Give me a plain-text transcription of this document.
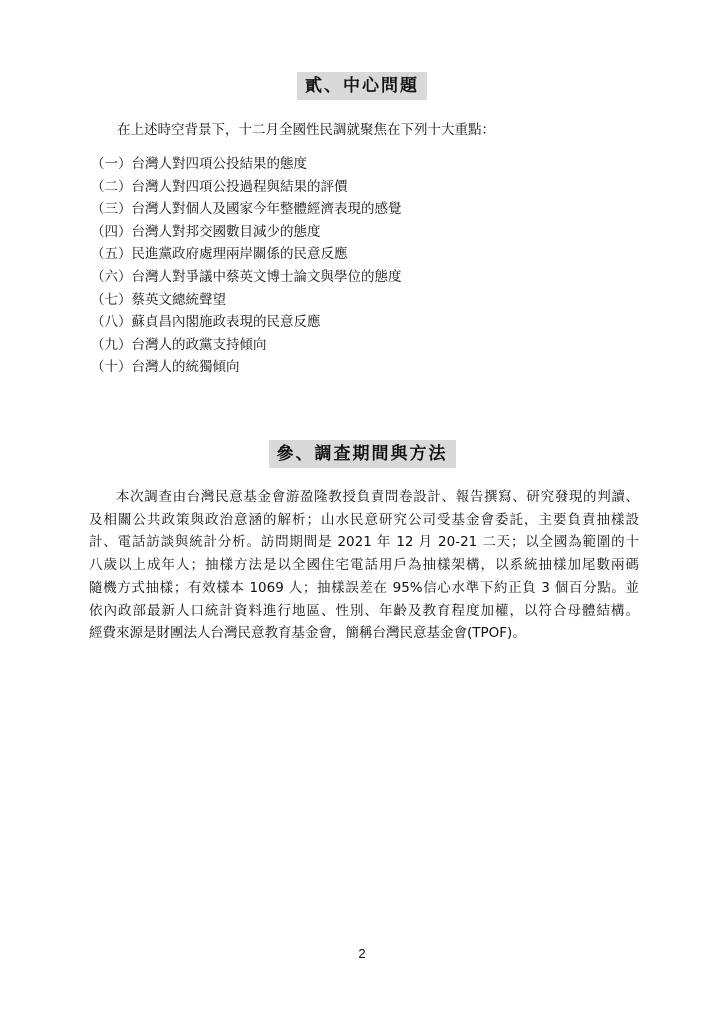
貳、中心問題
在上述時空背景下，十二月全國性民調就聚焦在下列十大重點：
（一）台灣人對四項公投結果的態度
（二）台灣人對四項公投過程與結果的評價
（三）台灣人對個人及國家今年整體經濟表現的感覺
（四）台灣人對邦交國數目減少的態度
（五）民進黨政府處理兩岸關係的民意反應
（六）台灣人對爭議中蔡英文博士論文與學位的態度
（七）蔡英文總統聲望
（八）蘇貞昌內閣施政表現的民意反應
（九）台灣人的政黨支持傾向
（十）台灣人的統獨傾向
參、調查期間與方法
本次調查由台灣民意基金會游盈隆教授負責問卷設計、報告撰寫、研究發現的判讀、
及相關公共政策與政治意涵的解析；山水民意研究公司受基金會委託，主要負責抽樣設
計、電話訪談與統計分析。訪問期間是 2021 年 12 月 20-21 二天；以全國為範圍的十
八歲以上成年人；抽樣方法是以全國住宅電話用戶為抽樣架構，以系統抽樣加尾數兩碼
隨機方式抽樣；有效樣本 1069 人；抽樣誤差在 95%信心水準下約正負 3 個百分點。並
依內政部最新人口統計資料進行地區、性別、年齡及教育程度加權，以符合母體結構。
經費來源是財團法人台灣民意教育基金會，簡稱台灣民意基金會(TPOF)。
2
